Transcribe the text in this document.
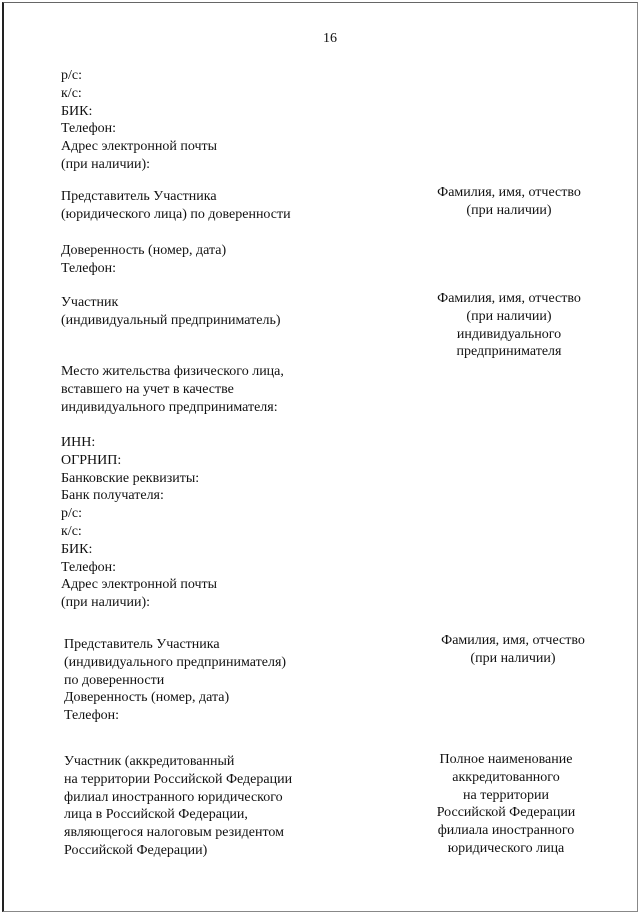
16
р/с:
к/с:
БИК:
Телефон:
Адрес электронной почты
(при наличии):
Представитель Участника
(юридического лица) по доверенности
Фамилия, имя, отчество
(при наличии)
Доверенность (номер, дата)
Телефон:
Участник
(индивидуальный предприниматель)
Фамилия, имя, отчество
(при наличии)
индивидуального
предпринимателя
Место жительства физического лица,
вставшего на учет в качестве
индивидуального предпринимателя:
ИНН:
ОГРНИП:
Банковские реквизиты:
Банк получателя:
р/с:
к/с:
БИК:
Телефон:
Адрес электронной почты
(при наличии):
Представитель Участника
(индивидуального предпринимателя)
по доверенности
Доверенность (номер, дата)
Телефон:
Фамилия, имя, отчество
(при наличии)
Участник (аккредитованный
на территории Российской Федерации
филиал иностранного юридического
лица в Российской Федерации,
являющегося налоговым резидентом
Российской Федерации)
Полное наименование
аккредитованного
на территории
Российской Федерации
филиала иностранного
юридического лица
